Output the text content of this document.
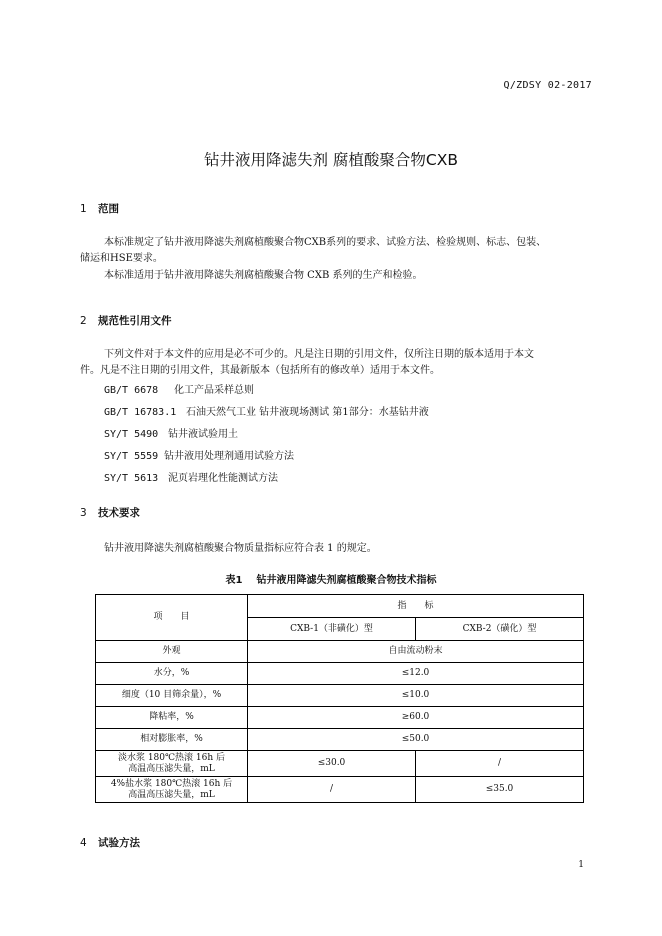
Q/ZDSY 02-2017
钻井液用降滤失剂 腐植酸聚合物CXB
1 范围
本标准规定了钻井液用降滤失剂腐植酸聚合物CXB系列的要求、试验方法、检验规则、标志、包装、
储运和HSE要求。
本标准适用于钻井液用降滤失剂腐植酸聚合物 CXB 系列的生产和检验。
2 规范性引用文件
下列文件对于本文件的应用是必不可少的。凡是注日期的引用文件，仅所注日期的版本适用于本文
件。凡是不注日期的引用文件，其最新版本（包括所有的修改单）适用于本文件。
GB/T 6678 化工产品采样总则
GB/T 16783.1 石油天然气工业 钻井液现场测试 第1部分：水基钻井液
SY/T 5490 钻井液试验用土
SY/T 5559 钻井液用处理剂通用试验方法
SY/T 5613 泥页岩理化性能测试方法
3 技术要求
钻井液用降滤失剂腐植酸聚合物质量指标应符合表 1 的规定。
表1 钻井液用降滤失剂腐植酸聚合物技术指标
项　　目	指　　标	
	CXB-1（非磺化）型	CXB-2（磺化）型
外观	自由流动粉末	
水分，%	≤12.0	
细度（10 目筛余量），%	≤10.0	
降粘率，%	≥60.0	
相对膨胀率，%	≤50.0	

淡水浆 180℃热滚 16h 后
高温高压滤失量，mL	≤30.0	/

4%盐水浆 180℃热滚 16h 后
高温高压滤失量，mL	/	≤35.0
4 试验方法
1
